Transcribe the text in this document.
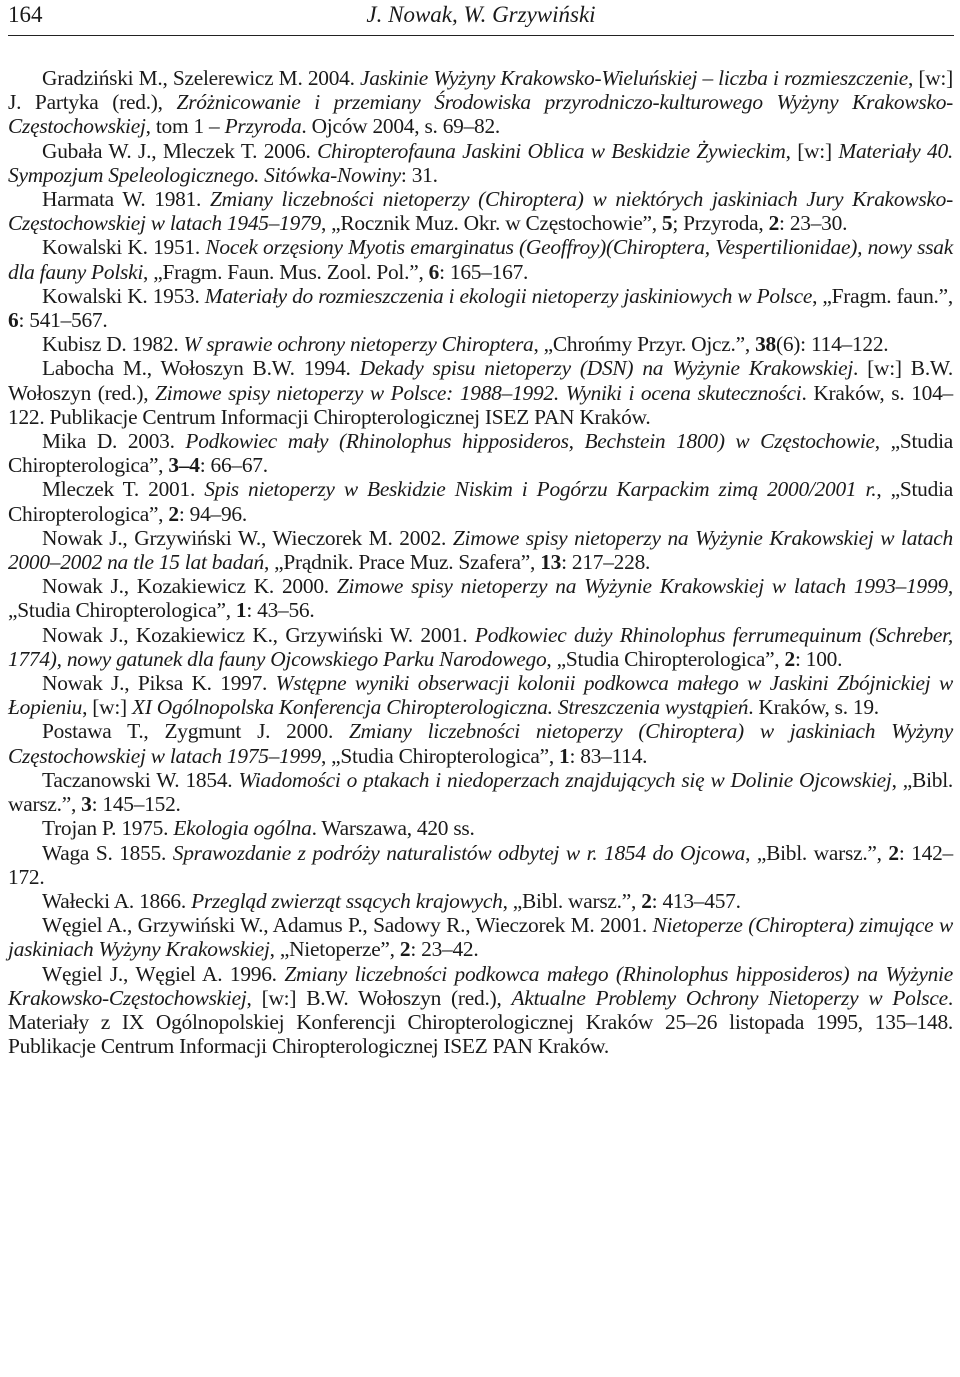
164	J. Nowak, W. Grzywiński
Gradziński M., Szelerewicz M. 2004. Jaskinie Wyżyny Krakowsko-Wieluńskiej – liczba i rozmieszczenie, [w:] J. Partyka (red.), Zróżnicowanie i przemiany Środowiska przyrodniczo-kulturowego Wyżyny Krakowsko-Częstochowskiej, tom 1 – Przyroda. Ojców 2004, s. 69–82.
Gubała W. J., Mleczek T. 2006. Chiropterofauna Jaskini Oblica w Beskidzie Żywieckim, [w:] Materiały 40. Sympozjum Speleologicznego. Sitówka-Nowiny: 31.
Harmata W. 1981. Zmiany liczebności nietoperzy (Chiroptera) w niektórych jaskiniach Jury Krakowsko-Częstochowskiej w latach 1945–1979, „Rocznik Muz. Okr. w Częstochowie”, 5; Przyroda, 2: 23–30.
Kowalski K. 1951. Nocek orzęsiony Myotis emarginatus (Geoffroy)(Chiroptera, Vespertilionidae), nowy ssak dla fauny Polski, „Fragm. Faun. Mus. Zool. Pol.”, 6: 165–167.
Kowalski K. 1953. Materiały do rozmieszczenia i ekologii nietoperzy jaskiniowych w Polsce, „Fragm. faun.”, 6: 541–567.
Kubisz D. 1982. W sprawie ochrony nietoperzy Chiroptera, „Chrońmy Przyr. Ojcz.”, 38(6): 114–122.
Labocha M., Wołoszyn B.W. 1994. Dekady spisu nietoperzy (DSN) na Wyżynie Krakowskiej. [w:] B.W. Wołoszyn (red.), Zimowe spisy nietoperzy w Polsce: 1988–1992. Wyniki i ocena skuteczności. Kraków, s. 104–122. Publikacje Centrum Informacji Chiropterologicznej ISEZ PAN Kraków.
Mika D. 2003. Podkowiec mały (Rhinolophus hipposideros, Bechstein 1800) w Częstochowie, „Studia Chiropterologica”, 3–4: 66–67.
Mleczek T. 2001. Spis nietoperzy w Beskidzie Niskim i Pogórzu Karpackim zimą 2000/2001 r., „Studia Chiropterologica”, 2: 94–96.
Nowak J., Grzywiński W., Wieczorek M. 2002. Zimowe spisy nietoperzy na Wyżynie Krakowskiej w latach 2000–2002 na tle 15 lat badań, „Prądnik. Prace Muz. Szafera”, 13: 217–228.
Nowak J., Kozakiewicz K. 2000. Zimowe spisy nietoperzy na Wyżynie Krakowskiej w latach 1993–1999, „Studia Chiropterologica”, 1: 43–56.
Nowak J., Kozakiewicz K., Grzywiński W. 2001. Podkowiec duży Rhinolophus ferrumequinum (Schreber, 1774), nowy gatunek dla fauny Ojcowskiego Parku Narodowego, „Studia Chiropterologica”, 2: 100.
Nowak J., Piksa K. 1997. Wstępne wyniki obserwacji kolonii podkowca małego w Jaskini Zbójnickiej w Łopieniu, [w:] XI Ogólnopolska Konferencja Chiropterologiczna. Streszczenia wystąpień. Kraków, s. 19.
Postawa T., Zygmunt J. 2000. Zmiany liczebności nietoperzy (Chiroptera) w jaskiniach Wyżyny Częstochowskiej w latach 1975–1999, „Studia Chiropterologica”, 1: 83–114.
Taczanowski W. 1854. Wiadomości o ptakach i niedoperzach znajdujących się w Dolinie Ojcowskiej, „Bibl. warsz.”, 3: 145–152.
Trojan P. 1975. Ekologia ogólna. Warszawa, 420 ss.
Waga S. 1855. Sprawozdanie z podróży naturalistów odbytej w r. 1854 do Ojcowa, „Bibl. warsz.”, 2: 142–172.
Wałecki A. 1866. Przegląd zwierząt ssących krajowych, „Bibl. warsz.”, 2: 413–457.
Węgiel A., Grzywiński W., Adamus P., Sadowy R., Wieczorek M. 2001. Nietoperze (Chiroptera) zimujące w jaskiniach Wyżyny Krakowskiej, „Nietoperze”, 2: 23–42.
Węgiel J., Węgiel A. 1996. Zmiany liczebności podkowca małego (Rhinolophus hipposideros) na Wyżynie Krakowsko-Częstochowskiej, [w:] B.W. Wołoszyn (red.), Aktualne Problemy Ochrony Nietoperzy w Polsce. Materiały z IX Ogólnopolskiej Konferencji Chiropterologicznej Kraków 25–26 listopada 1995, 135–148. Publikacje Centrum Informacji Chiropterologicznej ISEZ PAN Kraków.
